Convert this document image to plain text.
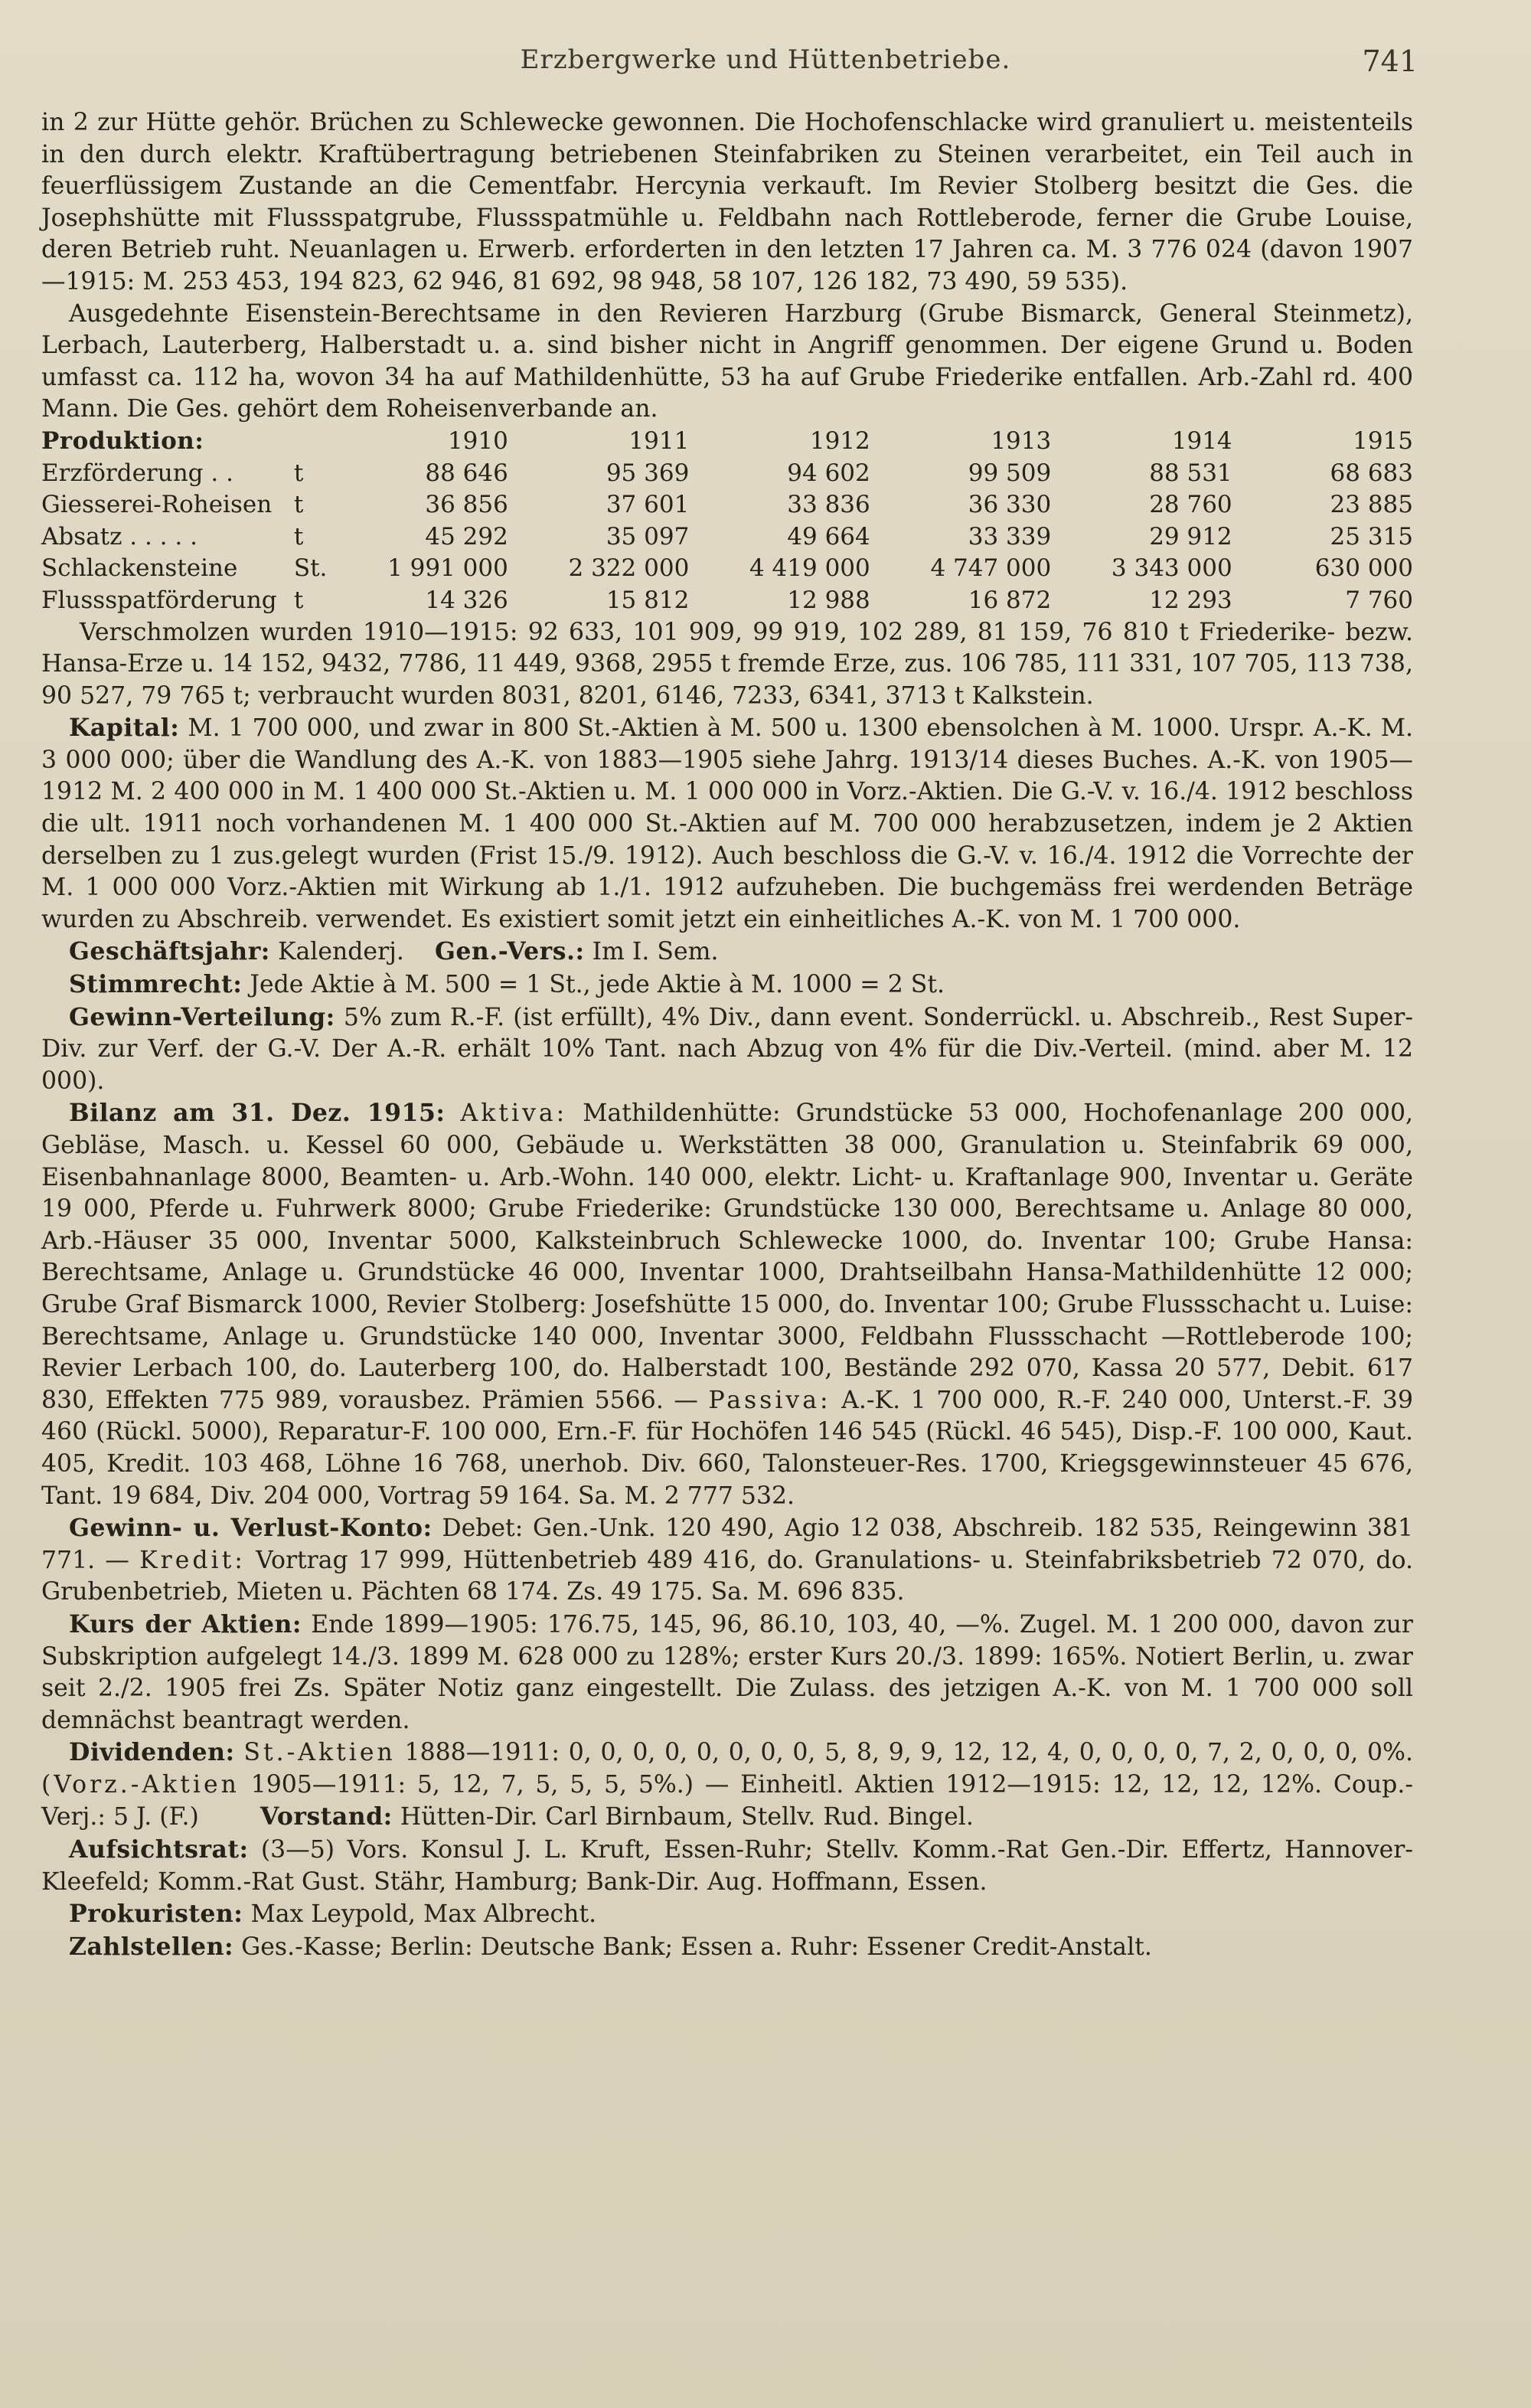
Erzbergwerke und Hüttenbetriebe.	741

in 2 zur Hütte gehör. Brüchen zu Schlewecke gewonnen. Die Hochofenschlacke wird granuliert u. meistenteils in den durch elektr. Kraftübertragung betriebenen Steinfabriken zu Steinen verarbeitet, ein Teil auch in feuerflüssigem Zustande an die Cementfabr. Hercynia verkauft. Im Revier Stolberg besitzt die Ges. die Josephshütte mit Flussspatgrube, Flussspatmühle u. Feldbahn nach Rottleberode, ferner die Grube Louise, deren Betrieb ruht. Neuanlagen u. Erwerb. erforderten in den letzten 17 Jahren ca. M. 3 776 024 (davon 1907—1915: M. 253 453, 194 823, 62 946, 81 692, 98 948, 58 107, 126 182, 73 490, 59 535).

Ausgedehnte Eisenstein-Berechtsame in den Revieren Harzburg (Grube Bismarck, General Steinmetz), Lerbach, Lauterberg, Halberstadt u. a. sind bisher nicht in Angriff genommen. Der eigene Grund u. Boden umfasst ca. 112 ha, wovon 34 ha auf Mathildenhütte, 53 ha auf Grube Friederike entfallen. Arb.-Zahl rd. 400 Mann. Die Ges. gehört dem Roheisenverbande an.

Produktion:		1910	1911	1912	1913	1914	1915
Erzförderung . .	t	88 646	95 369	94 602	99 509	88 531	68 683
Giesserei-Roheisen	t	36 856	37 601	33 836	36 330	28 760	23 885
Absatz . . . . .	t	45 292	35 097	49 664	33 339	29 912	25 315
Schlackensteine	St.	1 991 000	2 322 000	4 419 000	4 747 000	3 343 000	630 000
Flussspatförderung	t	14 326	15 812	12 988	16 872	12 293	7 760

Verschmolzen wurden 1910—1915: 92 633, 101 909, 99 919, 102 289, 81 159, 76 810 t Friederike- bezw. Hansa-Erze u. 14 152, 9432, 7786, 11 449, 9368, 2955 t fremde Erze, zus. 106 785, 111 331, 107 705, 113 738, 90 527, 79 765 t; verbraucht wurden 8031, 8201, 6146, 7233, 6341, 3713 t Kalkstein.

Kapital: M. 1 700 000, und zwar in 800 St.-Aktien à M. 500 u. 1300 ebensolchen à M. 1000. Urspr. A.-K. M. 3 000 000; über die Wandlung des A.-K. von 1883—1905 siehe Jahrg. 1913/14 dieses Buches. A.-K. von 1905—1912 M. 2 400 000 in M. 1 400 000 St.-Aktien u. M. 1 000 000 in Vorz.-Aktien. Die G.-V. v. 16./4. 1912 beschloss die ult. 1911 noch vorhandenen M. 1 400 000 St.-Aktien auf M. 700 000 herabzusetzen, indem je 2 Aktien derselben zu 1 zus.gelegt wurden (Frist 15./9. 1912). Auch beschloss die G.-V. v. 16./4. 1912 die Vorrechte der M. 1 000 000 Vorz.-Aktien mit Wirkung ab 1./1. 1912 aufzuheben. Die buchgemäss frei werdenden Beträge wurden zu Abschreib. verwendet. Es existiert somit jetzt ein einheitliches A.-K. von M. 1 700 000.

Geschäftsjahr: Kalenderj. Gen.-Vers.: Im I. Sem.

Stimmrecht: Jede Aktie à M. 500 = 1 St., jede Aktie à M. 1000 = 2 St.

Gewinn-Verteilung: 5% zum R.-F. (ist erfüllt), 4% Div., dann event. Sonderrückl. u. Abschreib., Rest Super-Div. zur Verf. der G.-V. Der A.-R. erhält 10% Tant. nach Abzug von 4% für die Div.-Verteil. (mind. aber M. 12 000).

Bilanz am 31. Dez. 1915: Aktiva: Mathildenhütte: Grundstücke 53 000, Hochofenanlage 200 000, Gebläse, Masch. u. Kessel 60 000, Gebäude u. Werkstätten 38 000, Granulation u. Steinfabrik 69 000, Eisenbahnanlage 8000, Beamten- u. Arb.-Wohn. 140 000, elektr. Licht- u. Kraftanlage 900, Inventar u. Geräte 19 000, Pferde u. Fuhrwerk 8000; Grube Friederike: Grundstücke 130 000, Berechtsame u. Anlage 80 000, Arb.-Häuser 35 000, Inventar 5000, Kalksteinbruch Schlewecke 1000, do. Inventar 100; Grube Hansa: Berechtsame, Anlage u. Grundstücke 46 000, Inventar 1000, Drahtseilbahn Hansa-Mathildenhütte 12 000; Grube Graf Bismarck 1000, Revier Stolberg: Josefshütte 15 000, do. Inventar 100; Grube Flussschacht u. Luise: Berechtsame, Anlage u. Grundstücke 140 000, Inventar 3000, Feldbahn Flussschacht —Rottleberode 100; Revier Lerbach 100, do. Lauterberg 100, do. Halberstadt 100, Bestände 292 070, Kassa 20 577, Debit. 617 830, Effekten 775 989, vorausbez. Prämien 5566. — Passiva: A.-K. 1 700 000, R.-F. 240 000, Unterst.-F. 39 460 (Rückl. 5000), Reparatur-F. 100 000, Ern.-F. für Hochöfen 146 545 (Rückl. 46 545), Disp.-F. 100 000, Kaut. 405, Kredit. 103 468, Löhne 16 768, unerhob. Div. 660, Talonsteuer-Res. 1700, Kriegsgewinnsteuer 45 676, Tant. 19 684, Div. 204 000, Vortrag 59 164. Sa. M. 2 777 532.

Gewinn- u. Verlust-Konto: Debet: Gen.-Unk. 120 490, Agio 12 038, Abschreib. 182 535, Reingewinn 381 771. — Kredit: Vortrag 17 999, Hüttenbetrieb 489 416, do. Granulations- u. Steinfabriksbetrieb 72 070, do. Grubenbetrieb, Mieten u. Pächten 68 174. Zs. 49 175. Sa. M. 696 835.

Kurs der Aktien: Ende 1899—1905: 176.75, 145, 96, 86.10, 103, 40, —%. Zugel. M. 1 200 000, davon zur Subskription aufgelegt 14./3. 1899 M. 628 000 zu 128%; erster Kurs 20./3. 1899: 165%. Notiert Berlin, u. zwar seit 2./2. 1905 frei Zs. Später Notiz ganz eingestellt. Die Zulass. des jetzigen A.-K. von M. 1 700 000 soll demnächst beantragt werden.

Dividenden: St.-Aktien 1888—1911: 0, 0, 0, 0, 0, 0, 0, 0, 5, 8, 9, 9, 12, 12, 4, 0, 0, 0, 0, 7, 2, 0, 0, 0, 0%. (Vorz.-Aktien 1905—1911: 5, 12, 7, 5, 5, 5, 5%.) — Einheitl. Aktien 1912—1915: 12, 12, 12, 12%. Coup.-Verj.: 5 J. (F.)	Vorstand: Hütten-Dir. Carl Birnbaum, Stellv. Rud. Bingel.

Aufsichtsrat: (3—5) Vors. Konsul J. L. Kruft, Essen-Ruhr; Stellv. Komm.-Rat Gen.-Dir. Effertz, Hannover-Kleefeld; Komm.-Rat Gust. Stähr, Hamburg; Bank-Dir. Aug. Hoffmann, Essen.

Prokuristen: Max Leypold, Max Albrecht.

Zahlstellen: Ges.-Kasse; Berlin: Deutsche Bank; Essen a. Ruhr: Essener Credit-Anstalt.
